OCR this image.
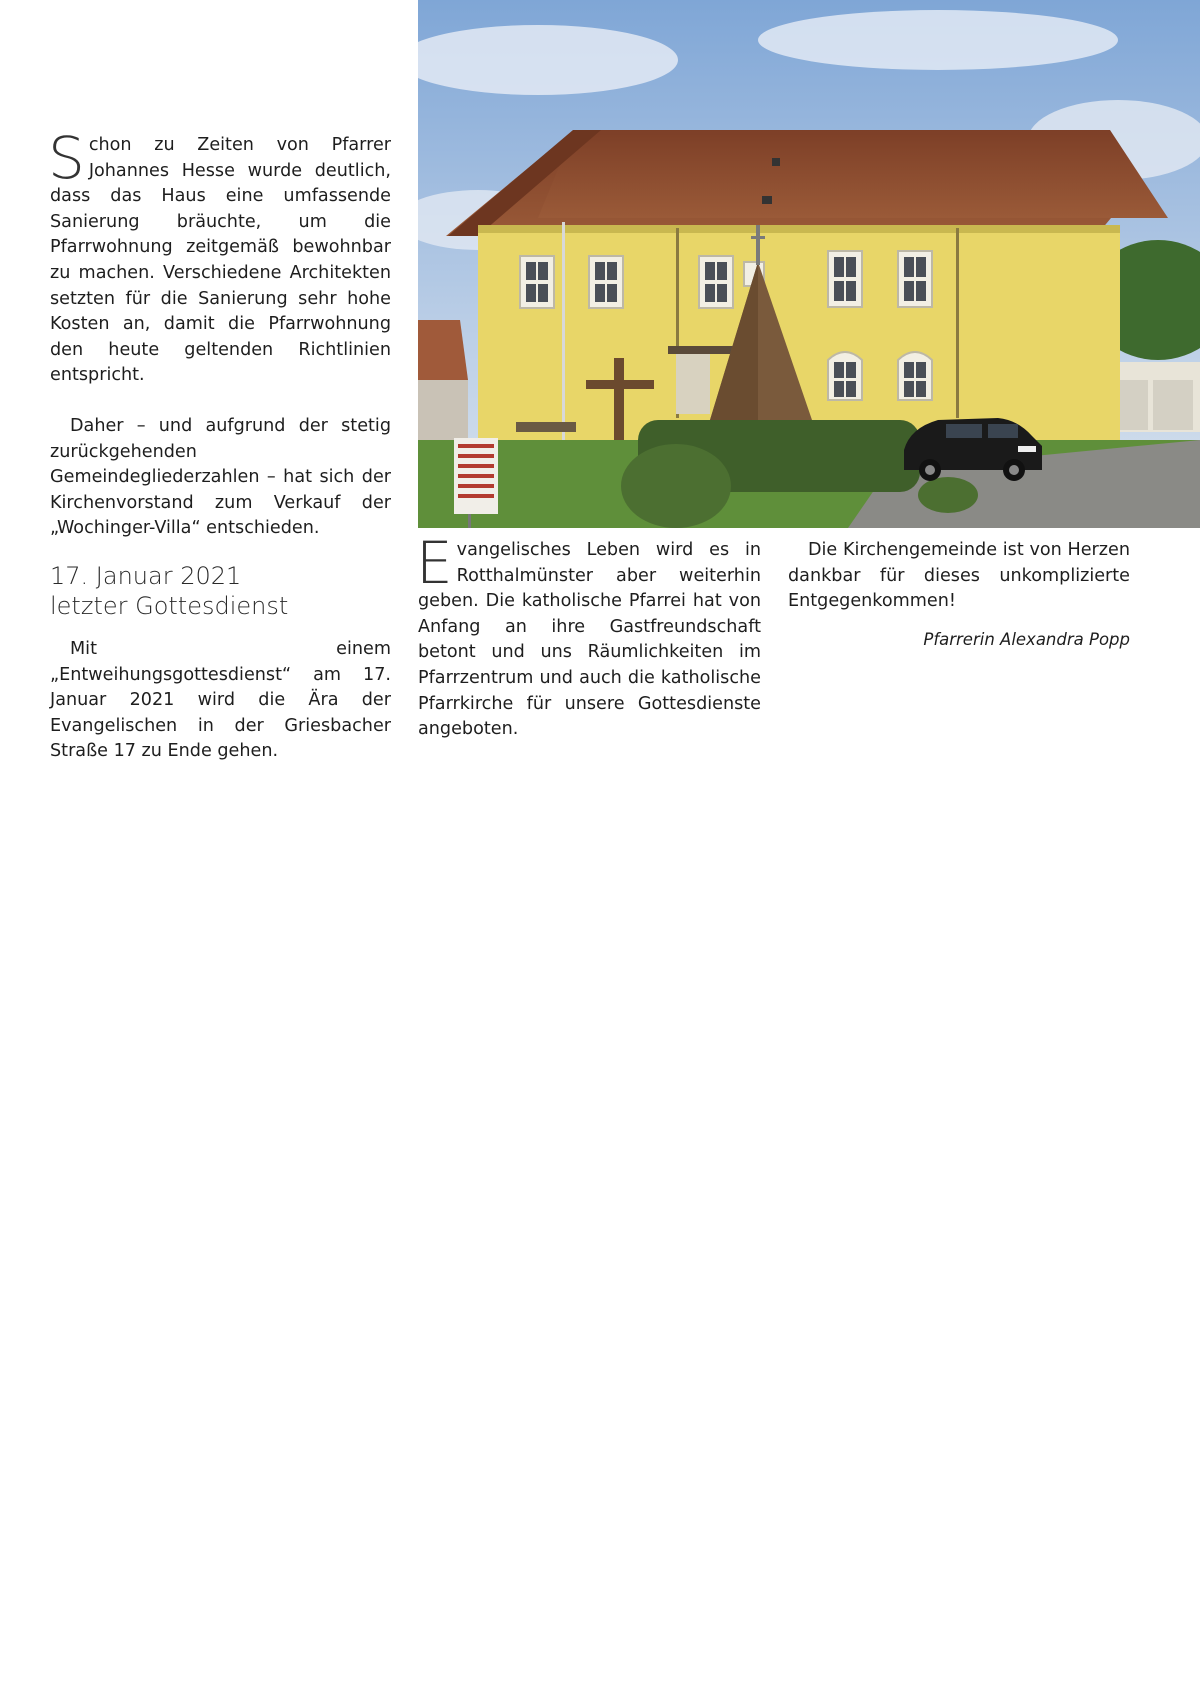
Schon zu Zeiten von Pfarrer Johannes Hesse wurde deutlich, dass das Haus eine umfassende Sanierung bräuchte, um die Pfarrwohnung zeitgemäß bewohnbar zu machen. Verschiedene Architekten setzten für die Sanierung sehr hohe Kosten an, damit die Pfarrwohnung den heute geltenden Richtlinien entspricht.

Daher – und aufgrund der stetig zurückgehenden Gemeindegliederzahlen – hat sich der Kirchenvorstand zum Verkauf der „Wochinger-Villa“ entschieden.

17. Januar 2021
letzter Gottesdienst

Mit einem „Entweihungsgottesdienst“ am 17. Januar 2021 wird die Ära der Evangelischen in der Griesbacher Straße 17 zu Ende gehen.

Evangelisches Leben wird es in Rotthalmünster aber weiterhin geben. Die katholische Pfarrei hat von Anfang an ihre Gastfreundschaft betont und uns Räumlichkeiten im Pfarrzentrum und auch die katholische Pfarrkirche für unsere Gottesdienste angeboten.

Die Kirchengemeinde ist von Herzen dankbar für dieses unkomplizierte Entgegenkommen!

Pfarrerin Alexandra Popp
